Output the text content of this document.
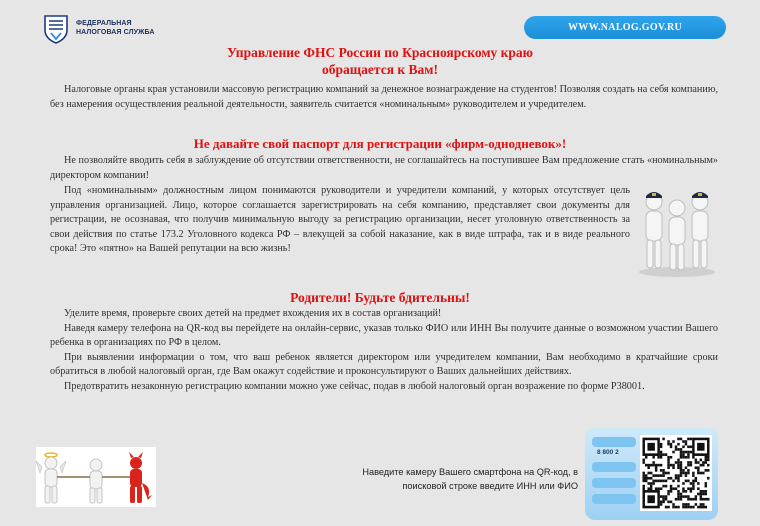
ФЕДЕРАЛЬНАЯ
НАЛОГОВАЯ СЛУЖБА	WWW.NALOG.GOV.RU
Управление ФНС России по Красноярскому краю
обращается к Вам!

Налоговые органы края установили массовую регистрацию компаний за денежное вознаграждение на студентов! Позволяя создать на себя компанию, без намерения осуществления реальной деятельности, заявитель считается «номинальным» руководителем и учредителем.

Не давайте свой паспорт для регистрации «фирм-однодневок»!

Не позволяйте вводить себя в заблуждение об отсутствии ответственности, не соглашайтесь на поступившее Вам предложение стать «номинальным» директором компании!

Под «номинальным» должностным лицом понимаются руководители и учредители компаний, у которых отсутствует цель управления организацией. Лицо, которое соглашается зарегистрировать на себя компанию, представляет свои документы для регистрации, не осознавая, что получив минимальную выгоду за регистрацию организации, несет уголовную ответственность за свои действия по статье 173.2 Уголовного кодекса РФ – влекущей за собой наказание, как в виде штрафа, так и в виде реального срока! Это «пятно» на Вашей репутации на всю жизнь!

Родители! Будьте бдительны!

Уделите время, проверьте своих детей на предмет вхождения их в состав организаций!

Наведя камеру телефона на QR-код вы перейдете на онлайн-сервис, указав только ФИО или ИНН Вы получите данные о возможном участии Вашего ребенка в организациях по РФ в целом.

При выявлении информации о том, что ваш ребенок является директором или учредителем компании, Вам необходимо в кратчайшие сроки обратиться в любой налоговый орган, где Вам окажут содействие и проконсультируют о Ваших дальнейших действиях.

Предотвратить незаконную регистрацию компании можно уже сейчас, подав в любой налоговый орган возражение по форме Р38001.

8 800 2
Наведите камеру Вашего смартфона на QR-код, в поисковой строке введите ИНН или ФИО
